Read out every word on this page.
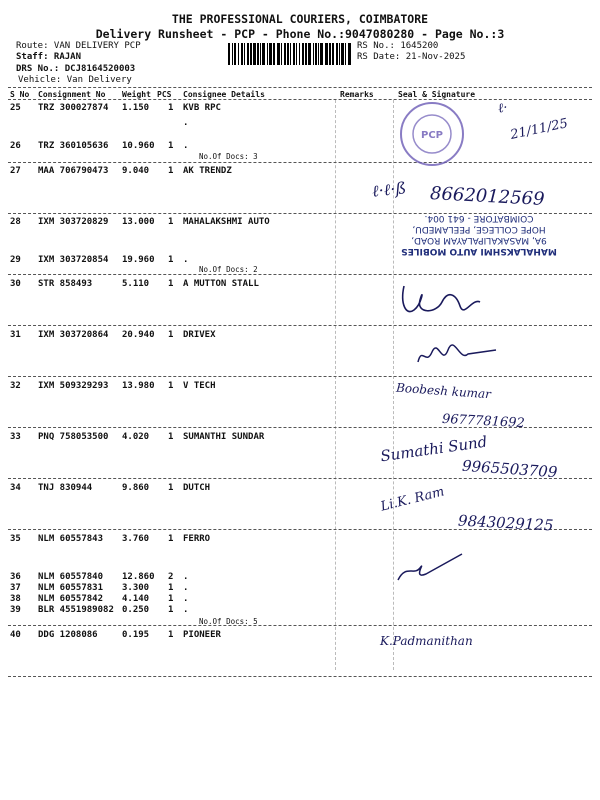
THE PROFESSIONAL COURIERS, COIMBATORE
Delivery Runsheet - PCP - Phone No.:9047080280 - Page No.:3
Route: VAN DELIVERY PCP
Staff: RAJAN
DRS No.: DCJ8164520003
Vehicle: Van Delivery
RS No.: 1645200
RS Date: 21-Nov-2025
S No Consignment No Weight PCS Consignee Details	Remarks	Seal & Signature
25 TRZ 300027874 1.150 1 KVB RPC
.
26 TRZ 360105636 10.960 1 .
27 MAA 706790473 9.040 1 AK TRENDZ
28 IXM 303720829 13.000 1 MAHALAKSHMI AUTO
29 IXM 303720854 19.960 1 .
30 STR 858493	5.110 1 A MUTTON STALL
31 IXM 303720864 20.940 1 DRIVEX
32 IXM 509329293 13.980 1 V TECH
33 PNQ 758053500 4.020 1 SUMANTHI SUNDAR
34 TNJ 830944	9.860 1 DUTCH
35 NLM 60557843 3.760 1 FERRO
36 NLM 60557840 12.860 2 .
37 NLM 60557831 3.300 1 .
38 NLM 60557842 4.140 1 .
39 BLR 4551989082 0.250 1 .
40 DDG 1208086	0.195 1 PIONEER
No.Of Docs: 3
No.Of Docs: 2
No.Of Docs: 5
PCP
ℓ·
21/11/25
ℓ·ℓ·ß 8662012569
MAHALAKSHMI AUTO MOBILES
9A, MASAKALIPALAYAM ROAD,
HOPE COLLEGE, PEELAMEDU,
COIMBATORE - 641 004.
Boobesh kumar
9677781692
Sumathi Sund
9965503709
Li.K. Ram
9843029125
K.Padmanithan
